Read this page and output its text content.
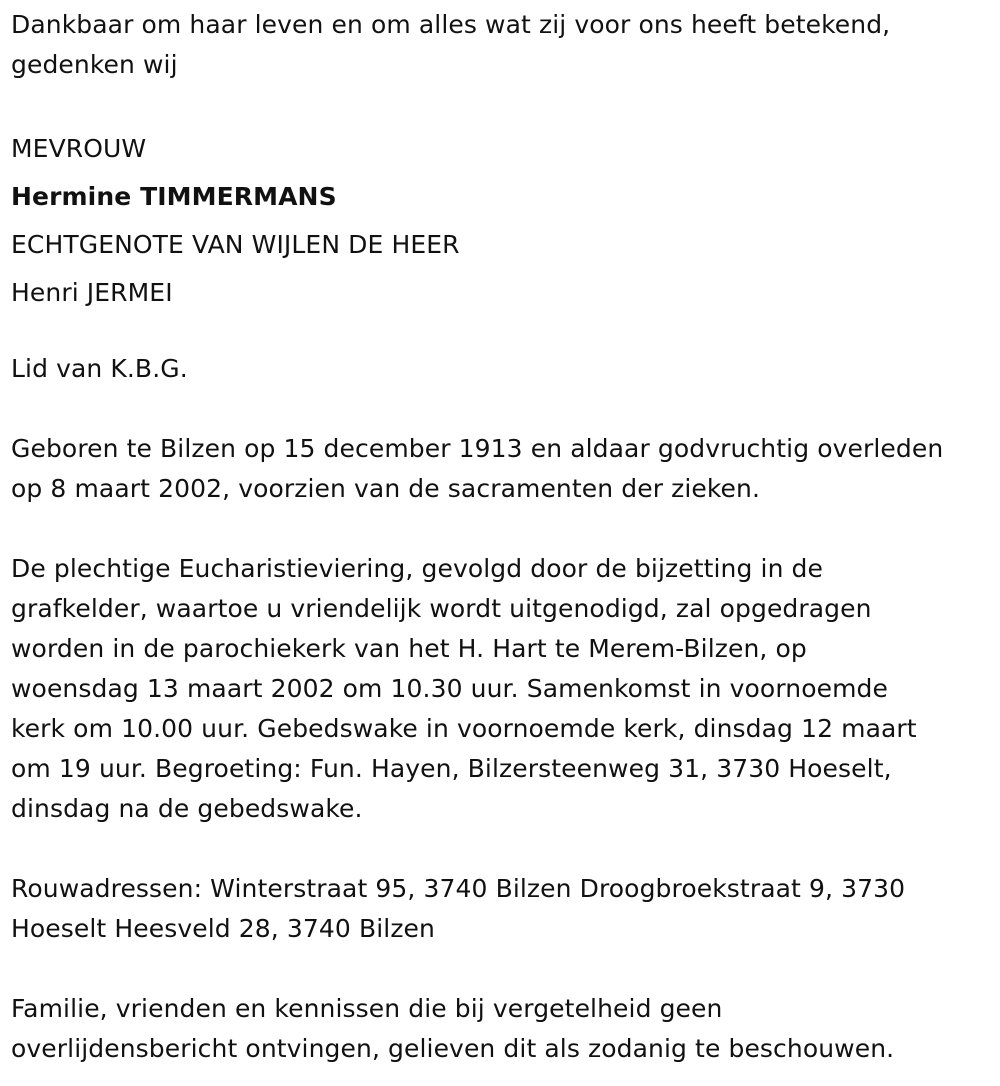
Dankbaar om haar leven en om alles wat zij voor ons heeft betekend,
gedenken wij

MEVROUW
Hermine TIMMERMANS
ECHTGENOTE VAN WIJLEN DE HEER
Henri JERMEI

Lid van K.B.G.

Geboren te Bilzen op 15 december 1913 en aldaar godvruchtig overleden
op 8 maart 2002, voorzien van de sacramenten der zieken.

De plechtige Eucharistieviering, gevolgd door de bijzetting in de
grafkelder, waartoe u vriendelijk wordt uitgenodigd, zal opgedragen
worden in de parochiekerk van het H. Hart te Merem-Bilzen, op
woensdag 13 maart 2002 om 10.30 uur. Samenkomst in voornoemde
kerk om 10.00 uur. Gebedswake in voornoemde kerk, dinsdag 12 maart
om 19 uur. Begroeting: Fun. Hayen, Bilzersteenweg 31, 3730 Hoeselt,
dinsdag na de gebedswake.

Rouwadressen: Winterstraat 95, 3740 Bilzen Droogbroekstraat 9, 3730
Hoeselt Heesveld 28, 3740 Bilzen

Familie, vrienden en kennissen die bij vergetelheid geen
overlijdensbericht ontvingen, gelieven dit als zodanig te beschouwen.
